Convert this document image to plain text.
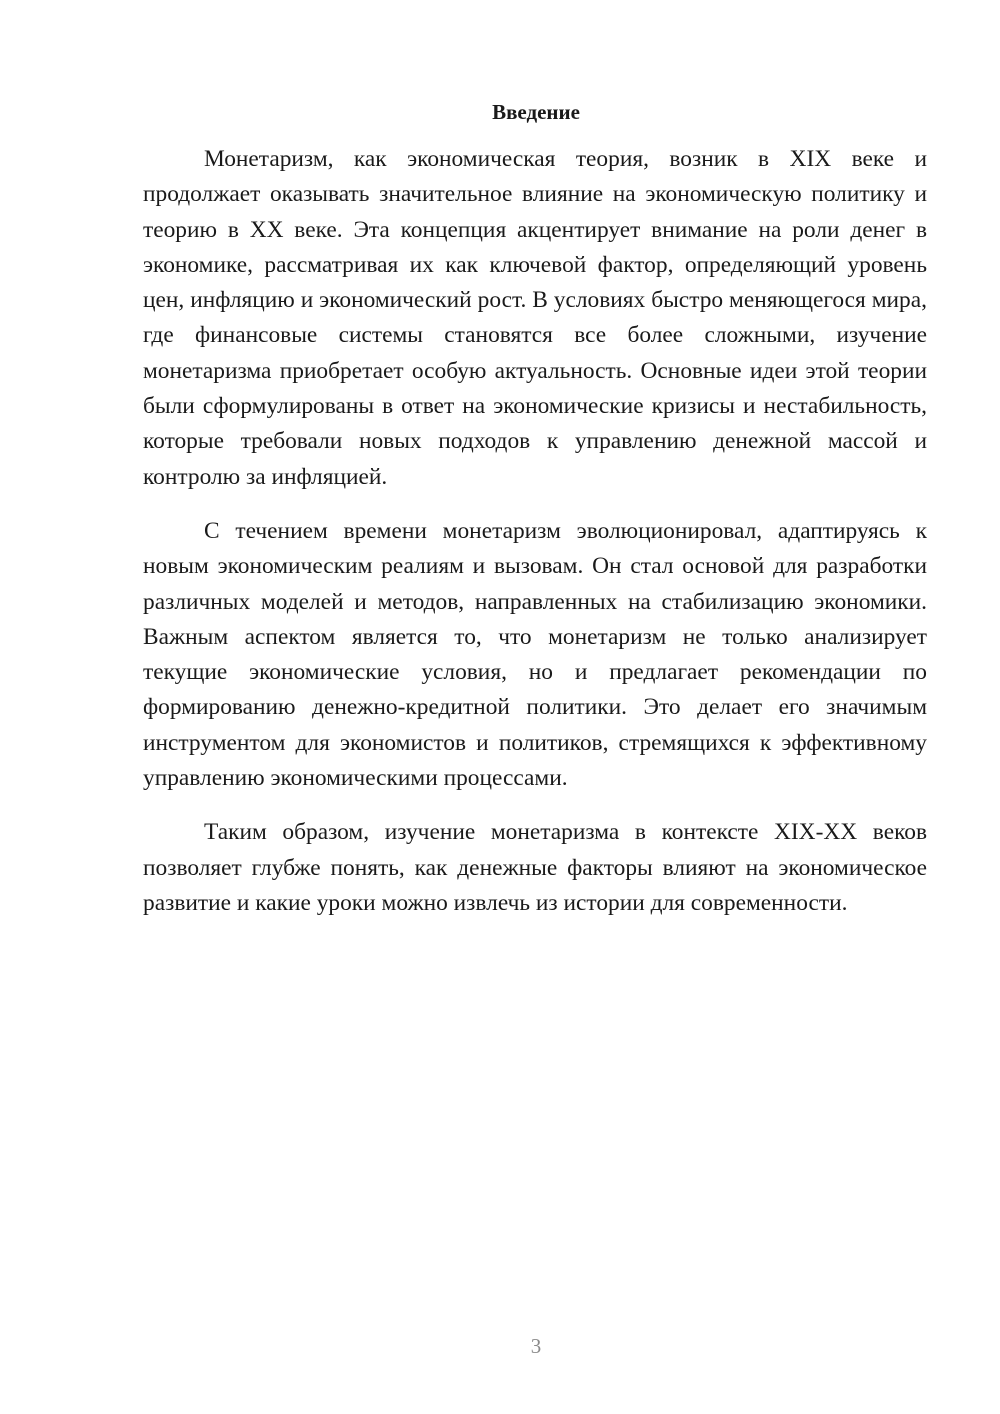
Введение

Монетаризм, как экономическая теория, возник в XIX веке и продолжает оказывать значительное влияние на экономическую политику и теорию в XX веке. Эта концепция акцентирует внимание на роли денег в экономике, рассматривая их как ключевой фактор, определяющий уровень цен, инфляцию и экономический рост. В условиях быстро меняющегося мира, где финансовые системы становятся все более сложными, изучение монетаризма приобретает особую актуальность. Основные идеи этой теории были сформулированы в ответ на экономические кризисы и нестабильность, которые требовали новых подходов к управлению денежной массой и контролю за инфляцией.

С течением времени монетаризм эволюционировал, адаптируясь к новым экономическим реалиям и вызовам. Он стал основой для разработки различных моделей и методов, направленных на стабилизацию экономики. Важным аспектом является то, что монетаризм не только анализирует текущие экономические условия, но и предлагает рекомендации по формированию денежно-кредитной политики. Это делает его значимым инструментом для экономистов и политиков, стремящихся к эффективному управлению экономическими процессами.

Таким образом, изучение монетаризма в контексте XIX-XX веков позволяет глубже понять, как денежные факторы влияют на экономическое развитие и какие уроки можно извлечь из истории для современности.

3
